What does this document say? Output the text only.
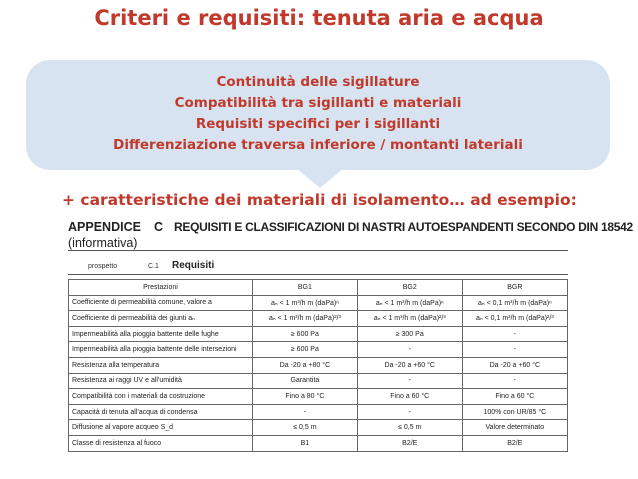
Criteri e requisiti: tenuta aria e acqua
Continuità delle sigillature
Compatibilità tra sigillanti e materiali
Requisiti specifici per i sigillanti
Differenziazione traversa inferiore / montanti lateriali
+ caratteristiche dei materiali di isolamento… ad esempio:
APPENDICE C
(informativa)
REQUISITI E CLASSIFICAZIONI DI NASTRI AUTOESPANDENTI SECONDO DIN 18542
prospetto	C.1 Requisiti
Prestazioni	BG1	BG2	BGR
Coefficiente di permeabilità comune, valore a	aₙ < 1 m³/h m (daPa)ⁿ	aₙ < 1 m³/h m (daPa)ⁿ	aₙ < 0,1 m³/h m (daPa)ⁿ
Coefficiente di permeabilità dei giunti aₙ	aₙ < 1 m³/h m (daPa)²/³	aₙ < 1 m³/h m (daPa)²/³	aₙ < 0,1 m³/h m (daPa)²/³
Impermeabilità alla pioggia battente delle fughe	≥ 600 Pa	≥ 300 Pa	-
Impermeabilità alla pioggia battente delle intersezioni	≥ 600 Pa	-	-
Resistenza alla temperatura	Da -20 a +80 °C	Da -20 a +60 °C	Da -20 a +60 °C
Resistenza ai raggi UV e all'umidità	Garantita	-	-
Compatibilità con i materiali da costruzione	Fino a 80 °C	Fino a 60 °C	Fino a 60 °C
Capacità di tenuta all'acqua di condensa	-	-	100% con UR/85 °C
Diffusione al vapore acqueo S_d	≤ 0,5 m	≤ 0,5 m	Valore determinato
Classe di resistenza al fuoco	B1	B2/E	B2/E
